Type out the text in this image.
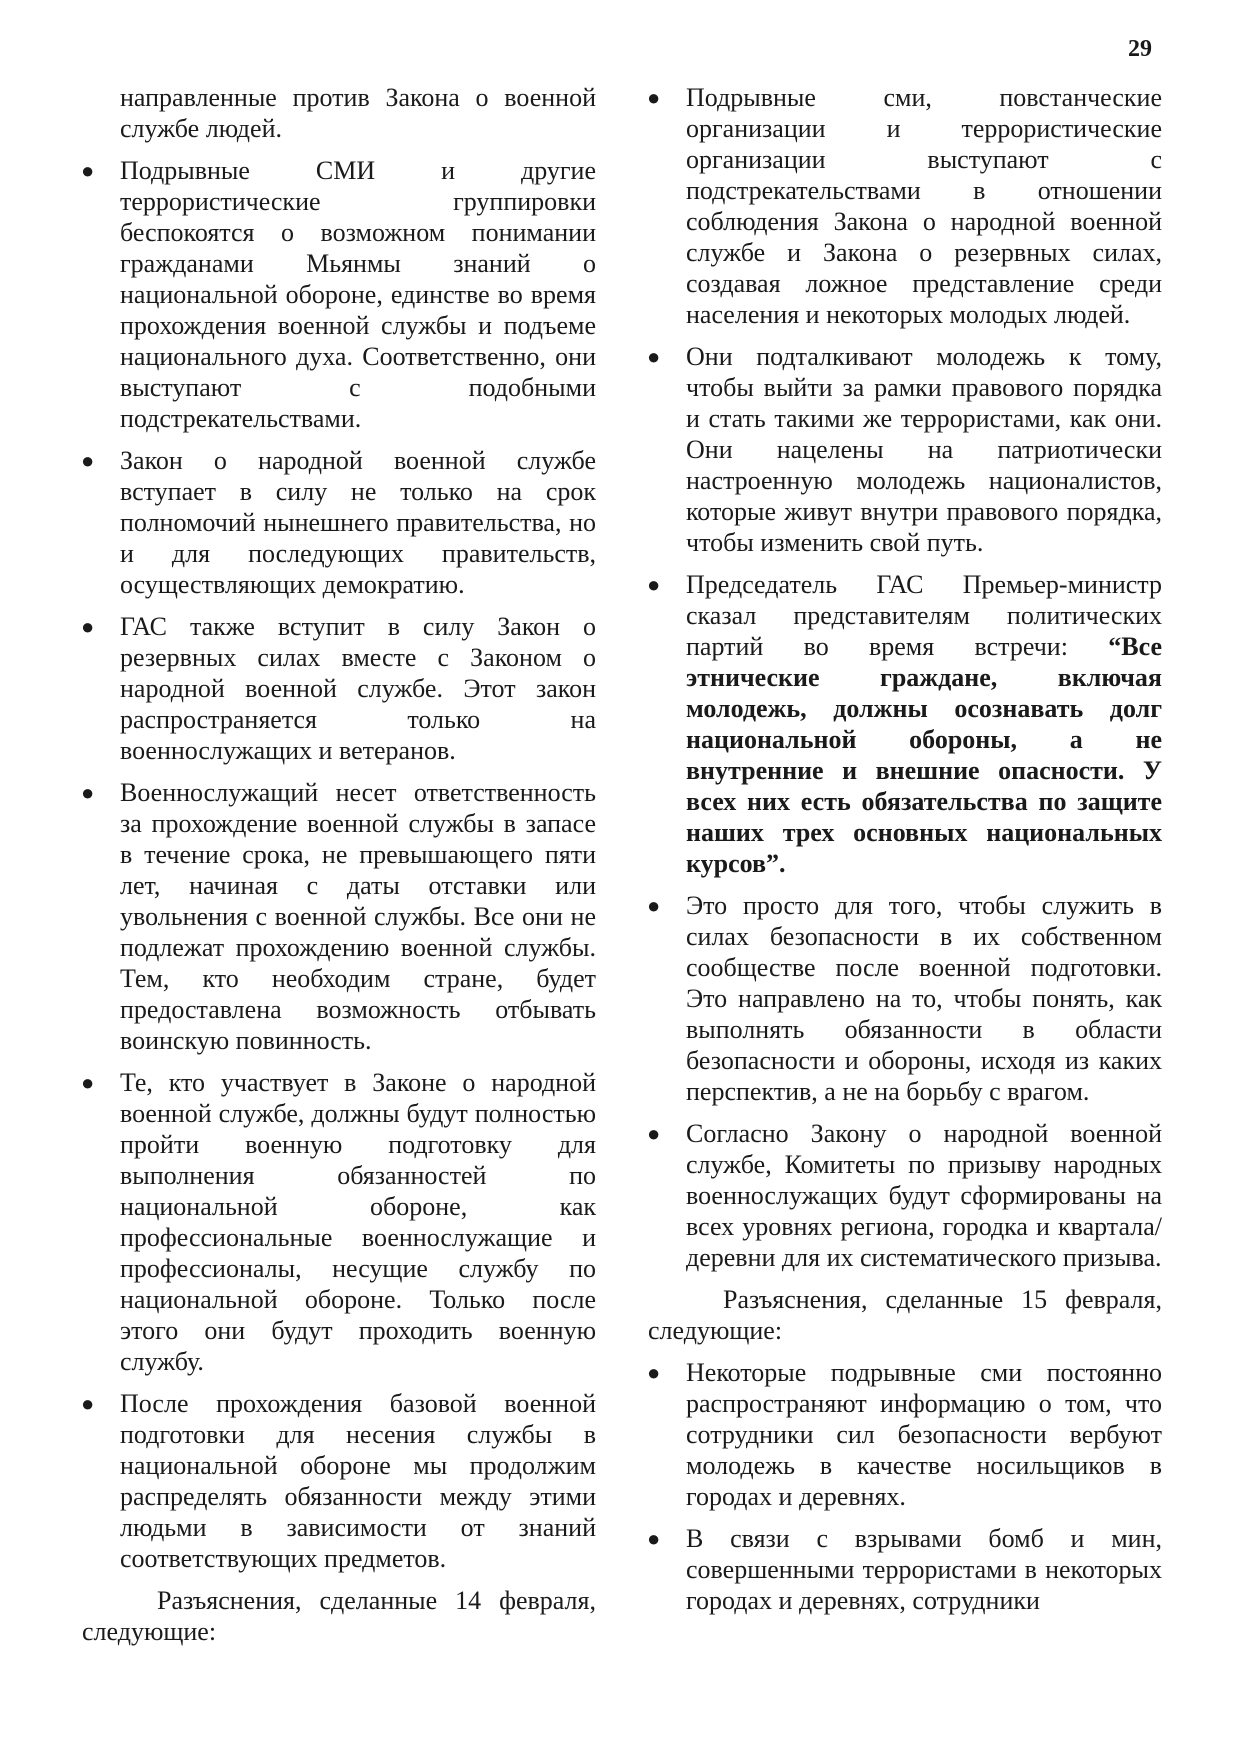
29
направленные против Закона о военной службе людей.
● Подрывные СМИ и другие террористические группировки беспокоятся о возможном понимании гражданами Мьянмы знаний о национальной обороне, единстве во время прохождения военной службы и подъеме национального духа. Соответственно, они выступают с подобными подстрекательствами.
● Закон о народной военной службе вступает в силу не только на срок полномочий нынешнего правительства, но и для последующих правительств, осуществляющих демократию.
● ГАС также вступит в силу Закон о резервных силах вместе с Законом о народной военной службе. Этот закон распространяется только на военнослужащих и ветеранов.
● Военнослужащий несет ответственность за прохождение военной службы в запасе в течение срока, не превышающего пяти лет, начиная с даты отставки или увольнения с военной службы. Все они не подлежат прохождению военной службы. Тем, кто необходим стране, будет предоставлена возможность отбывать воинскую повинность.
● Те, кто участвует в Законе о народной военной службе, должны будут полностью пройти военную подготовку для выполнения обязанностей по национальной обороне, как профессиональные военнослужащие и профессионалы, несущие службу по национальной обороне. Только после этого они будут проходить военную службу.
● После прохождения базовой военной подготовки для несения службы в национальной обороне мы продолжим распределять обязанности между этими людьми в зависимости от знаний соответствующих предметов.
Разъяснения, сделанные 14 февраля, следующие:
● Подрывные сми, повстанческие организации и террористические организации выступают с подстрекательствами в отношении соблюдения Закона о народной военной службе и Закона о резервных силах, создавая ложное представление среди населения и некоторых молодых людей.
● Они подталкивают молодежь к тому, чтобы выйти за рамки правового порядка и стать такими же террористами, как они. Они нацелены на патриотически настроенную молодежь националистов, которые живут внутри правового порядка, чтобы изменить свой путь.
● Председатель ГАС Премьер-министр сказал представителям политических партий во время встречи: “Все этнические граждане, включая молодежь, должны осознавать долг национальной обороны, а не внутренние и внешние опасности. У всех них есть обязательства по защите наших трех основных национальных курсов”.
● Это просто для того, чтобы служить в силах безопасности в их собственном сообществе после военной подготовки. Это направлено на то, чтобы понять, как выполнять обязанности в области безопасности и обороны, исходя из каких перспектив, а не на борьбу с врагом.
● Согласно Закону о народной военной службе, Комитеты по призыву народных военнослужащих будут сформированы на всех уровнях региона, городка и квартала/деревни для их систематического призыва.
Разъяснения, сделанные 15 февраля, следующие:
● Некоторые подрывные сми постоянно распространяют информацию о том, что сотрудники сил безопасности вербуют молодежь в качестве носильщиков в городах и деревнях.
● В связи с взрывами бомб и мин, совершенными террористами в некоторых городах и деревнях, сотрудники
